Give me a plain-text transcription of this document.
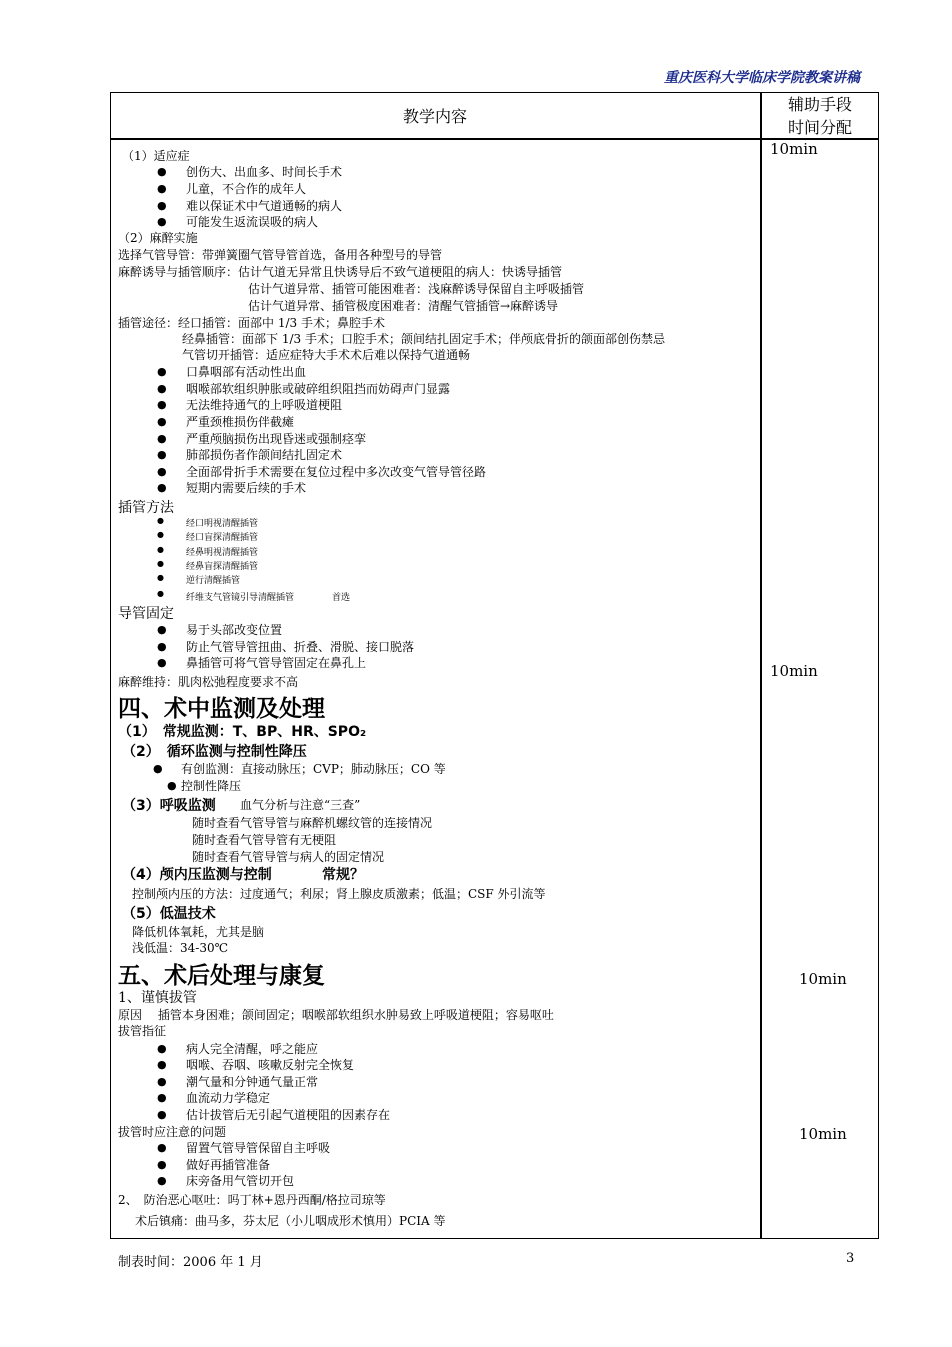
重庆医科大学临床学院教案讲稿
教学内容
辅助手段
时间分配
10min
10min
10min
10min
（1）适应症
● 创伤大、出血多、时间长手术
● 儿童，不合作的成年人
● 难以保证术中气道通畅的病人
● 可能发生返流误吸的病人
（2）麻醉实施
选择气管导管：带弹簧圈气管导管首选，备用各种型号的导管
麻醉诱导与插管顺序：估计气道无异常且快诱导后不致气道梗阻的病人：快诱导插管
估计气道异常、插管可能困难者：浅麻醉诱导保留自主呼吸插管
估计气道异常、插管极度困难者：清醒气管插管→麻醉诱导
插管途径：经口插管：面部中 1/3 手术；鼻腔手术
经鼻插管：面部下 1/3 手术；口腔手术；颌间结扎固定手术；伴颅底骨折的颌面部创伤禁忌
气管切开插管：适应症特大手术术后难以保持气道通畅
● 口鼻咽部有活动性出血
● 咽喉部软组织肿胀或破碎组织阻挡而妨碍声门显露
● 无法维持通气的上呼吸道梗阻
● 严重颈椎损伤伴截瘫
● 严重颅脑损伤出现昏迷或强制痉挛
● 肺部损伤者作颌间结扎固定术
● 全面部骨折手术需要在复位过程中多次改变气管导管径路
● 短期内需要后续的手术
插管方法
● 经口明视清醒插管
● 经口盲探清醒插管
● 经鼻明视清醒插管
● 经鼻盲探清醒插管
● 逆行清醒插管
● 纤维支气管镜引导清醒插管	首选
导管固定
● 易于头部改变位置
● 防止气管导管扭曲、折叠、滑脱、接口脱落
● 鼻插管可将气管导管固定在鼻孔上
麻醉维持：肌肉松弛程度要求不高
四、术中监测及处理
（1）　常规监测：T、BP、HR、SPO₂
（2）　循环监测与控制性降压
● 有创监测：直接动脉压；CVP；肺动脉压；CO 等
● 控制性降压
（3）呼吸监测 血气分析与注意“三查”
随时查看气管导管与麻醉机螺纹管的连接情况
随时查看气管导管有无梗阻
随时查看气管导管与病人的固定情况
（4）颅内压监测与控制	常规？
控制颅内压的方法：过度通气；利尿；肾上腺皮质激素；低温；CSF 外引流等
（5）低温技术
降低机体氧耗，尤其是脑
浅低温：34-30℃
五、术后处理与康复
1、谨慎拔管
原因　 插管本身困难；颌间固定；咽喉部软组织水肿易致上呼吸道梗阻；容易呕吐
拔管指征
● 病人完全清醒，呼之能应
● 咽喉、吞咽、咳嗽反射完全恢复
● 潮气量和分钟通气量正常
● 血流动力学稳定
● 估计拔管后无引起气道梗阻的因素存在
拔管时应注意的问题
● 留置气管导管保留自主呼吸
● 做好再插管准备
● 床旁备用气管切开包
2、　防治恶心呕吐：吗丁林+恩丹西酮/格拉司琼等
术后镇痛：曲马多，芬太尼（小儿咽成形术慎用）PCIA 等
制表时间：2006 年 1 月	3
